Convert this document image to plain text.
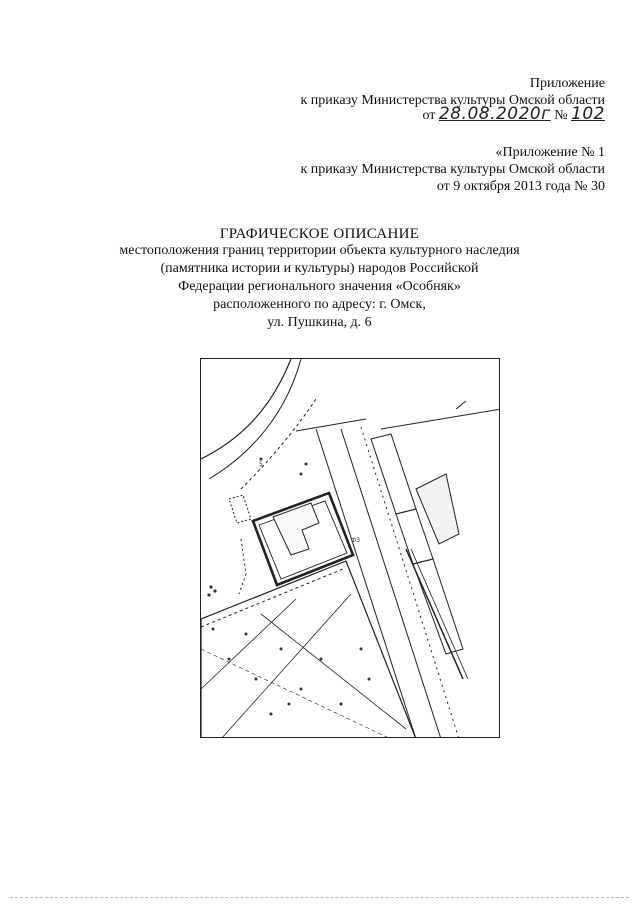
Приложение
к приказу Министерства культуры Омской области
от 28.08.2020г № 102
«Приложение № 1
к приказу Министерства культуры Омской области
от 9 октября 2013 года № 30
ГРАФИЧЕСКОЕ ОПИСАНИЕ
местоположения границ территории объекта культурного наследия
(памятника истории и культуры) народов Российской
Федерации регионального значения «Особняк»
расположенного по адресу: г. Омск,
ул. Пушкина, д. 6
ФЗ
5
